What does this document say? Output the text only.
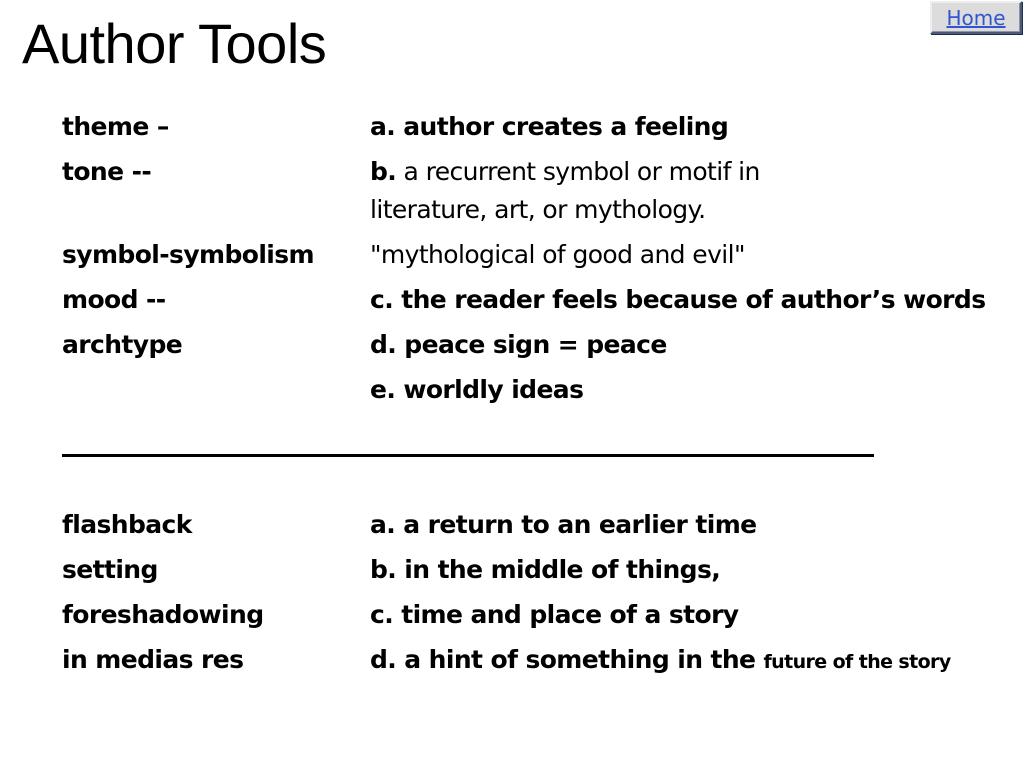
Home
Author Tools
theme –	a. author creates a feeling
tone --	b. a recurrent symbol or motif in
literature, art, or mythology.
symbol-symbolism "mythological of good and evil"
mood --	c. the reader feels because of author’s words
archtype	d. peace sign = peace
e. worldly ideas
flashback	a. a return to an earlier time
setting	b. in the middle of things,
foreshadowing	c. time and place of a story
in medias res	d. a hint of something in the future of the story
